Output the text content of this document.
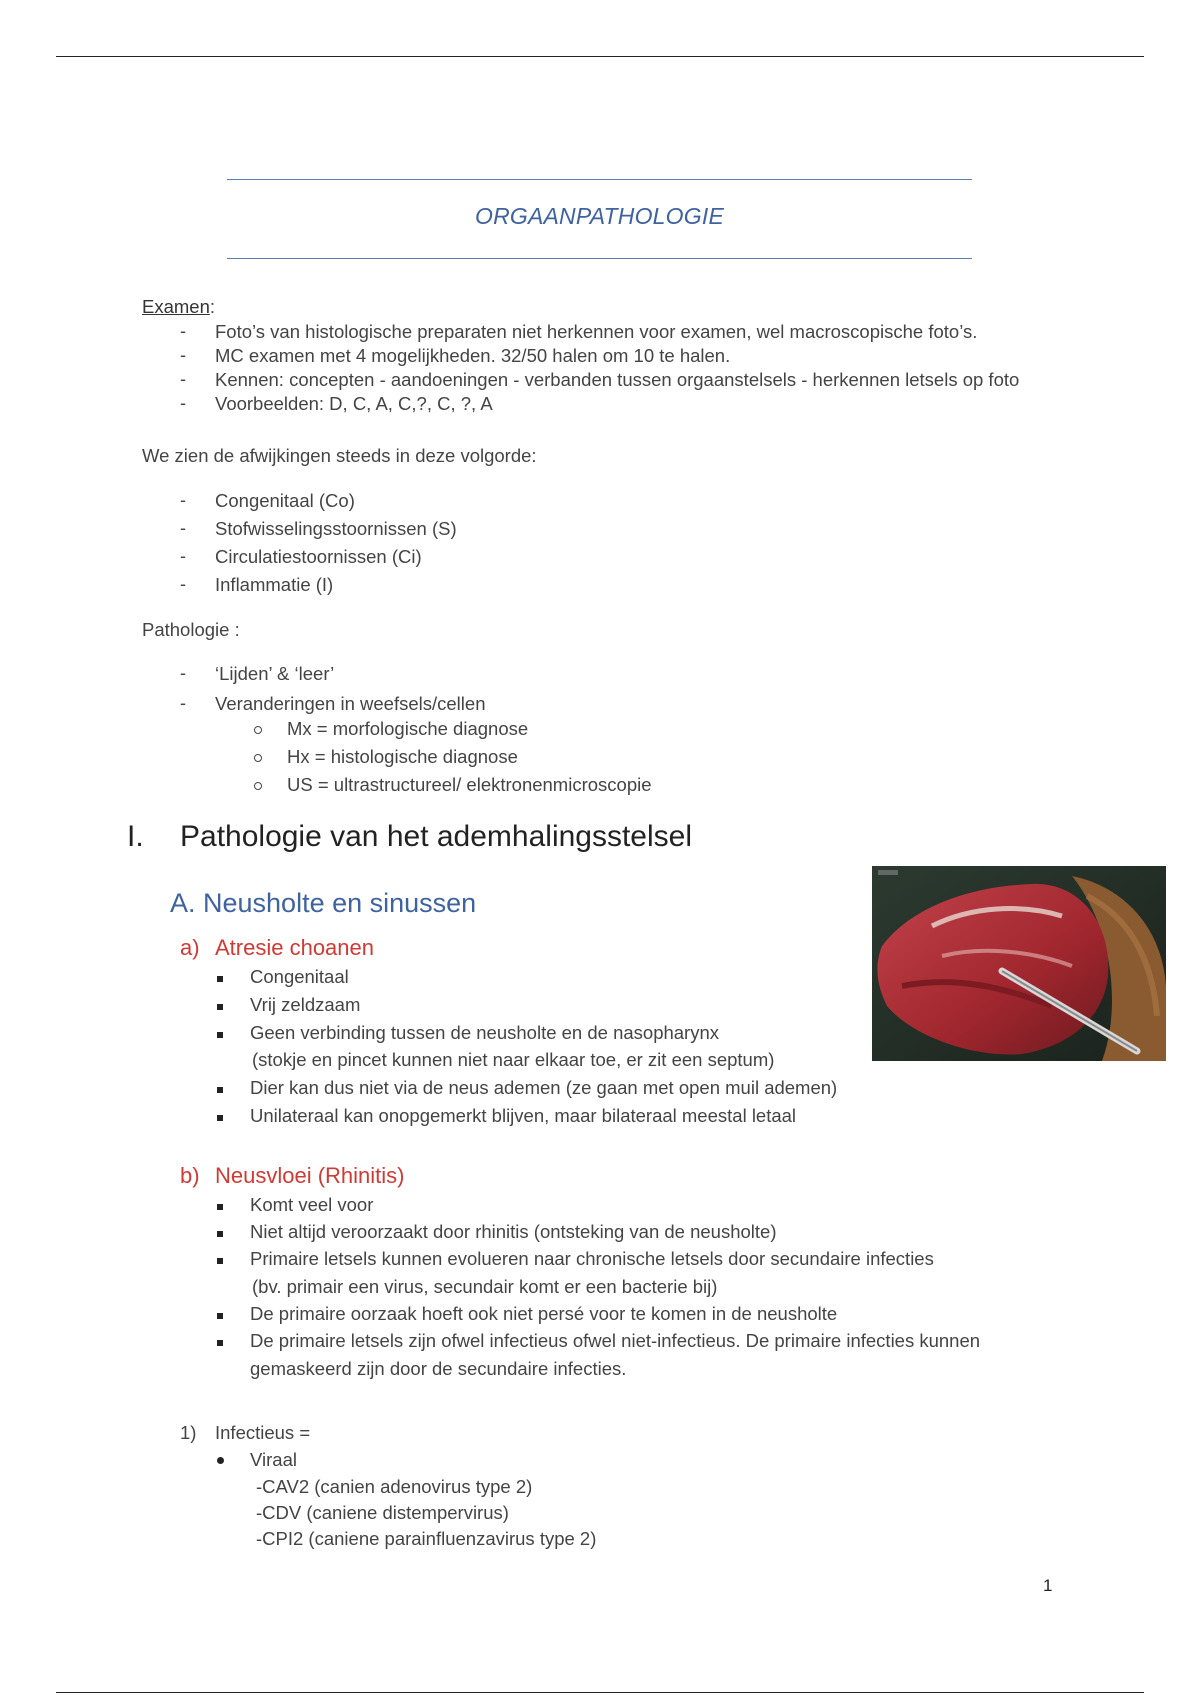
ORGAANPATHOLOGIE
Examen:
- Foto’s van histologische preparaten niet herkennen voor examen, wel macroscopische foto’s.
- MC examen met 4 mogelijkheden. 32/50 halen om 10 te halen.
- Kennen: concepten - aandoeningen - verbanden tussen orgaanstelsels - herkennen letsels op foto
- Voorbeelden: D, C, A, C,?, C, ?, A
We zien de afwijkingen steeds in deze volgorde:
- Congenitaal (Co)
- Stofwisselingsstoornissen (S)
- Circulatiestoornissen (Ci)
- Inflammatie (I)
Pathologie :
- ‘Lijden’ & ‘leer’
- Veranderingen in weefsels/cellen
Mx = morfologische diagnose
Hx = histologische diagnose
US = ultrastructureel/ elektronenmicroscopie
I. Pathologie van het ademhalingsstelsel
A. Neusholte en sinussen
a) Atresie choanen
Congenitaal
Vrij zeldzaam
Geen verbinding tussen de neusholte en de nasopharynx
(stokje en pincet kunnen niet naar elkaar toe, er zit een septum)
Dier kan dus niet via de neus ademen (ze gaan met open muil ademen)
Unilateraal kan onopgemerkt blijven, maar bilateraal meestal letaal
b) Neusvloei (Rhinitis)
Komt veel voor
Niet altijd veroorzaakt door rhinitis (ontsteking van de neusholte)
Primaire letsels kunnen evolueren naar chronische letsels door secundaire infecties
(bv. primair een virus, secundair komt er een bacterie bij)
De primaire oorzaak hoeft ook niet persé voor te komen in de neusholte
De primaire letsels zijn ofwel infectieus ofwel niet-infectieus. De primaire infecties kunnen
gemaskeerd zijn door de secundaire infecties.
1) Infectieus =
Viraal
-CAV2 (canien adenovirus type 2)
-CDV (caniene distempervirus)
-CPI2 (caniene parainfluenzavirus type 2)
1
